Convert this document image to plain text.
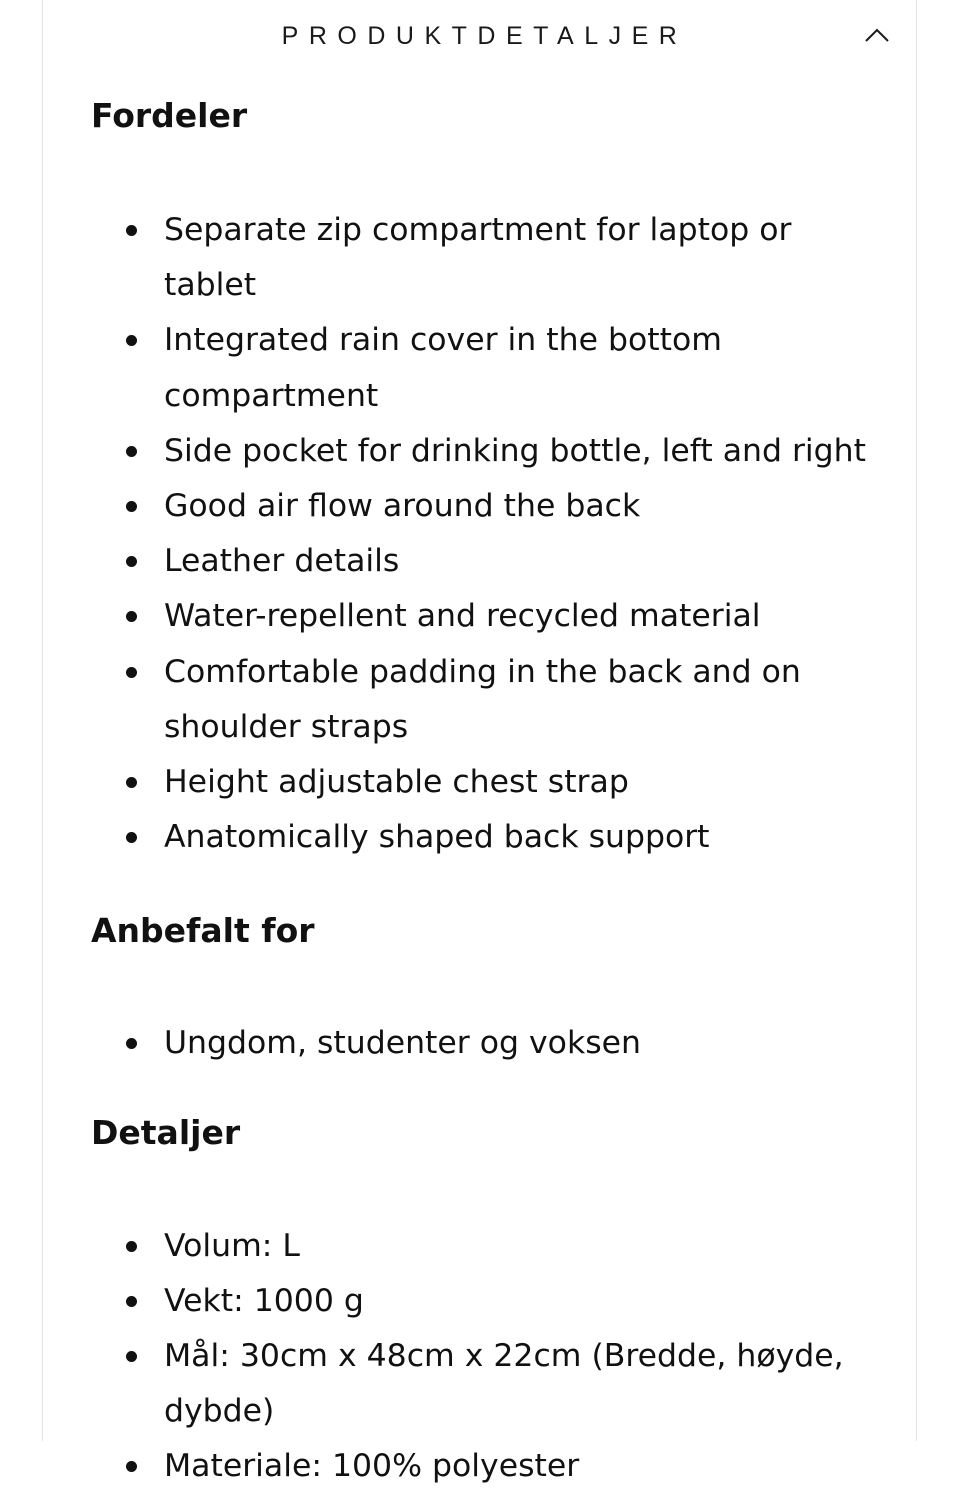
PRODUKTDETALJER
Fordeler
Separate zip compartment for laptop or tablet
Integrated rain cover in the bottom compartment
Side pocket for drinking bottle, left and right
Good air flow around the back
Leather details
Water-repellent and recycled material
Comfortable padding in the back and on shoulder straps
Height adjustable chest strap
Anatomically shaped back support
Anbefalt for
Ungdom, studenter og voksen
Detaljer
Volum: L
Vekt: 1000 g
Mål: 30cm x 48cm x 22cm (Bredde, høyde, dybde)
Materiale: 100% polyester
